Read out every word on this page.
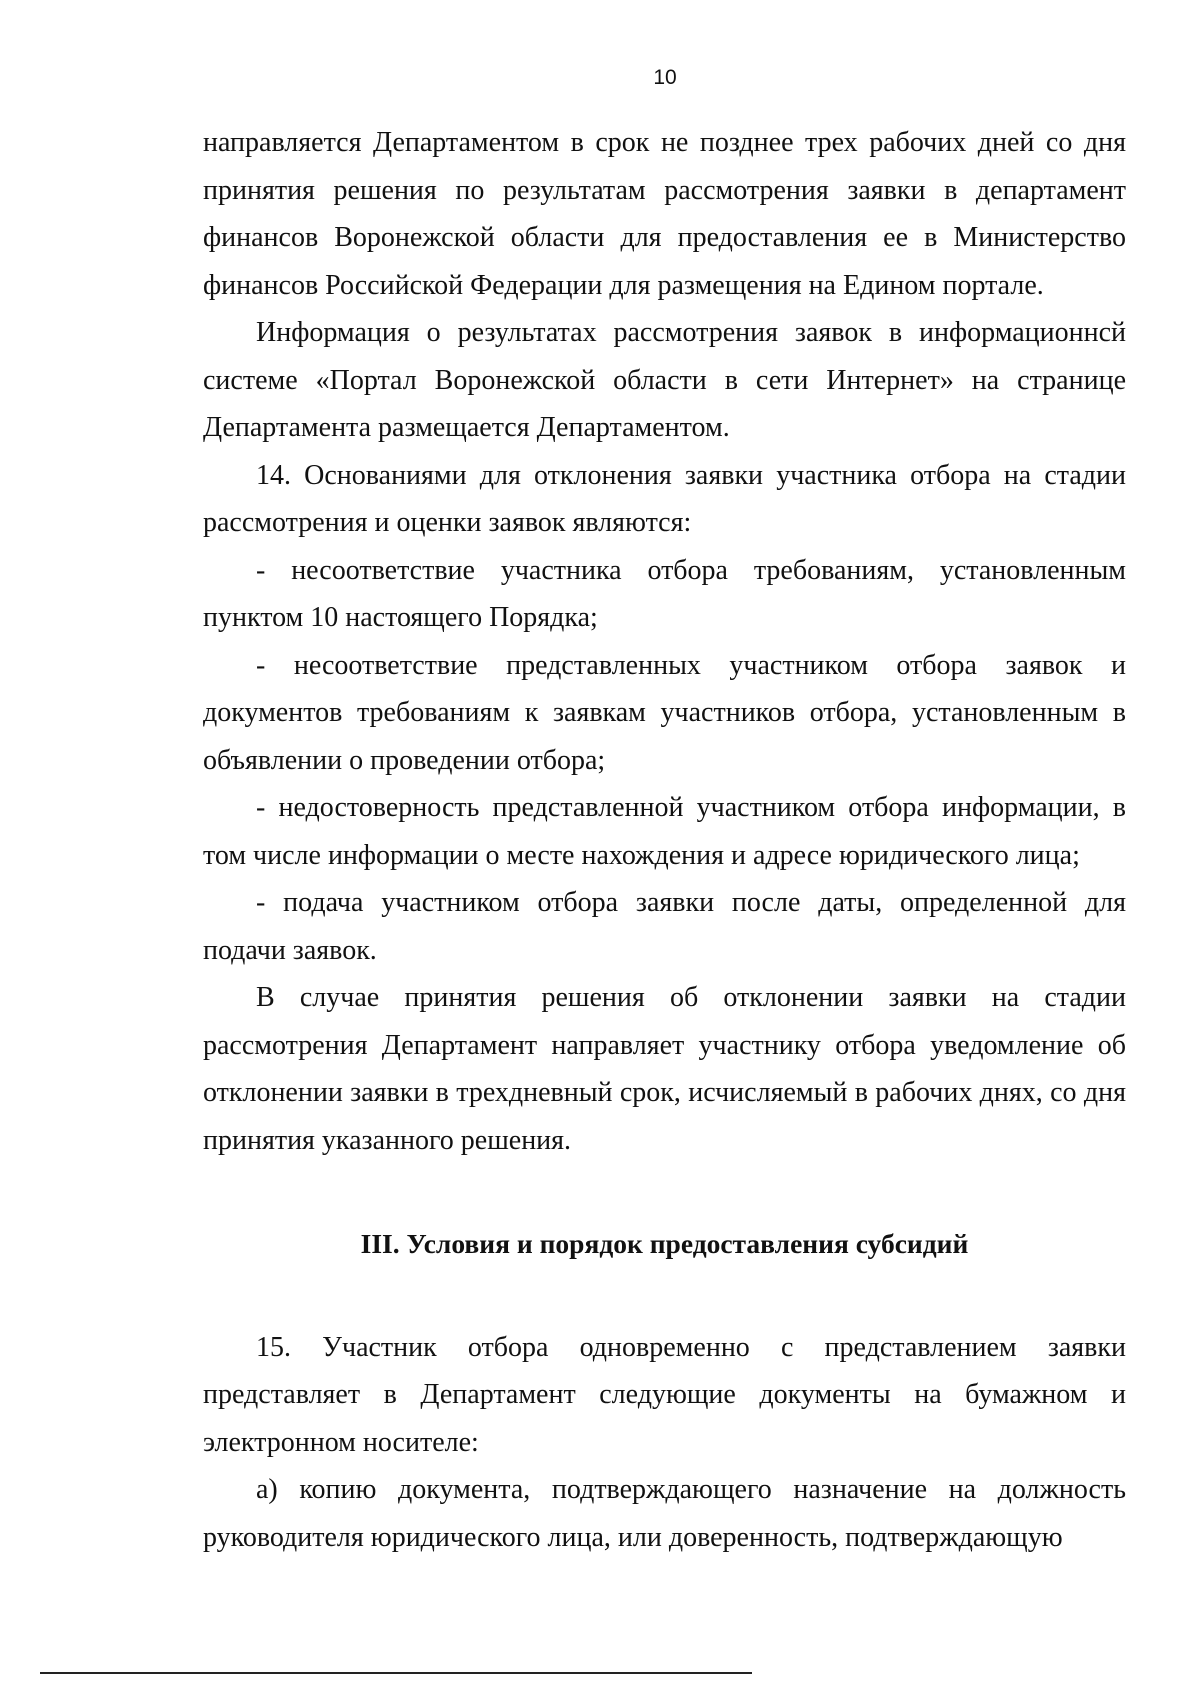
10

направляется Департаментом в срок не позднее трех рабочих дней со дня принятия решения по результатам рассмотрения заявки в департамент финансов Воронежской области для предоставления ее в Министерство финансов Российской Федерации для размещения на Едином портале.

Информация о результатах рассмотрения заявок в информационнсй системе «Портал Воронежской области в сети Интернет» на странице Департамента размещается Департаментом.

14. Основаниями для отклонения заявки участника отбора на стадии рассмотрения и оценки заявок являются:

- несоответствие участника отбора требованиям, установленным пунктом 10 настоящего Порядка;

- несоответствие представленных участником отбора заявок и документов требованиям к заявкам участников отбора, установленным в объявлении о проведении отбора;

- недостоверность представленной участником отбора информации, в том числе информации о месте нахождения и адресе юридического лица;

- подача участником отбора заявки после даты, определенной для подачи заявок.

В случае принятия решения об отклонении заявки на стадии рассмотрения Департамент направляет участнику отбора уведомление об отклонении заявки в трехдневный срок, исчисляемый в рабочих днях, со дня принятия указанного решения.

III. Условия и порядок предоставления субсидий

15. Участник отбора одновременно с представлением заявки представляет в Департамент следующие документы на бумажном и электронном носителе:

а) копию документа, подтверждающего назначение на должность руководителя юридического лица, или доверенность, подтверждающую
